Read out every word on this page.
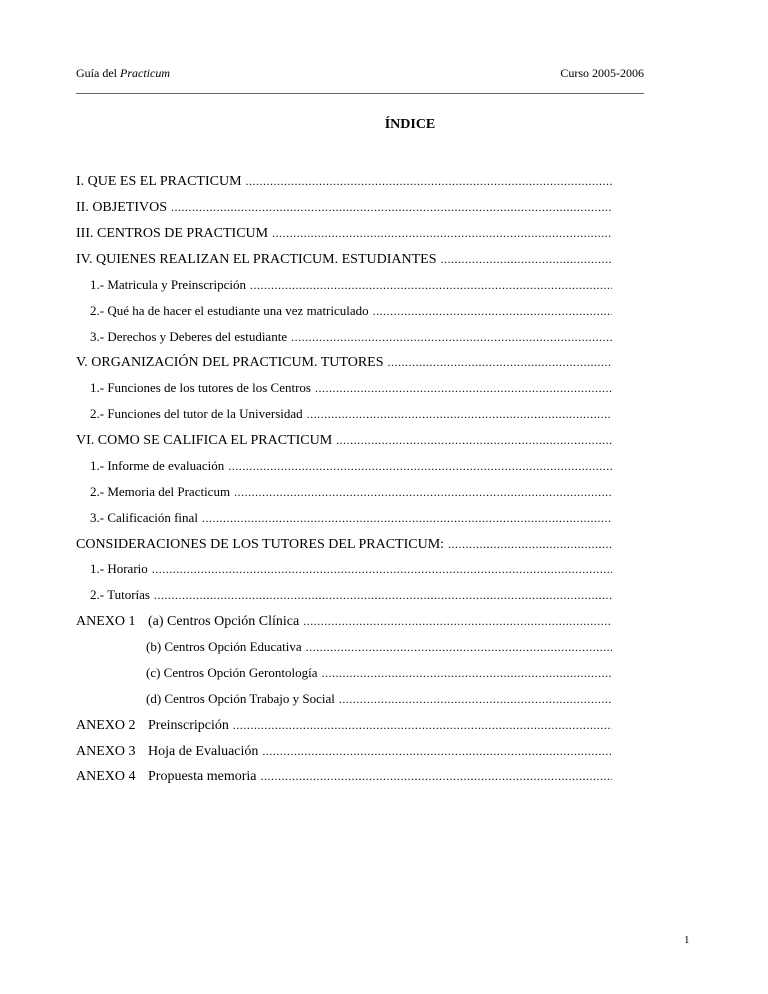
Guía del Practicum	Curso 2005-2006
ÍNDICE
I. QUE ES EL PRACTICUM
.....
II. OBJETIVOS
.....
III. CENTROS DE PRACTICUM
.....
IV. QUIENES REALIZAN EL PRACTICUM. ESTUDIANTES
.....
1.- Matricula y Preinscripción
.....
2.- Qué ha de hacer el estudiante una vez matriculado
.....
3.- Derechos y Deberes del estudiante
.....
V. ORGANIZACIÓN DEL PRACTICUM. TUTORES
.....
1.- Funciones de los tutores de los Centros
.....
2.- Funciones del tutor de la Universidad
.....
VI. COMO SE CALIFICA EL PRACTICUM
.....
1.- Informe de evaluación
.....
2.- Memoria del Practicum
.....
3.- Calificación final
.....
CONSIDERACIONES DE LOS TUTORES DEL PRACTICUM:
.....
1.- Horario
.....
2.- Tutorías
.....
ANEXO 1 (a) Centros Opción Clínica
.....
(b) Centros Opción Educativa
.....
(c) Centros Opción Gerontología
.....
(d) Centros Opción Trabajo y Social
.....
ANEXO 2 Preinscripción
.....
ANEXO 3 Hoja de Evaluación
.....
ANEXO 4 Propuesta memoria
.....
1
